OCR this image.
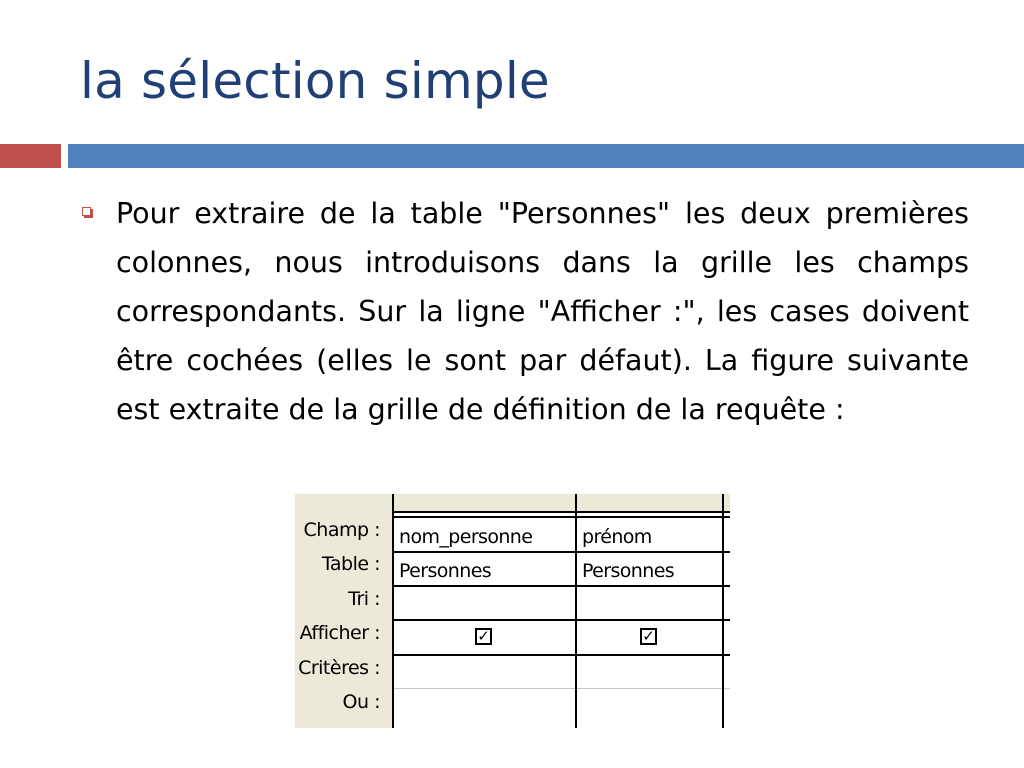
la sélection simple
Pour extraire de la table "Personnes" les deux premières colonnes, nous introduisons dans la grille les champs correspondants. Sur la ligne "Afficher :", les cases doivent être cochées (elles le sont par défaut). La figure suivante est extraite de la grille de définition de la requête :
Champ :
Table :
Tri :
Afficher :
Critères :
Ou :
nom_personne
Personnes
✓
prénom
Personnes
✓
